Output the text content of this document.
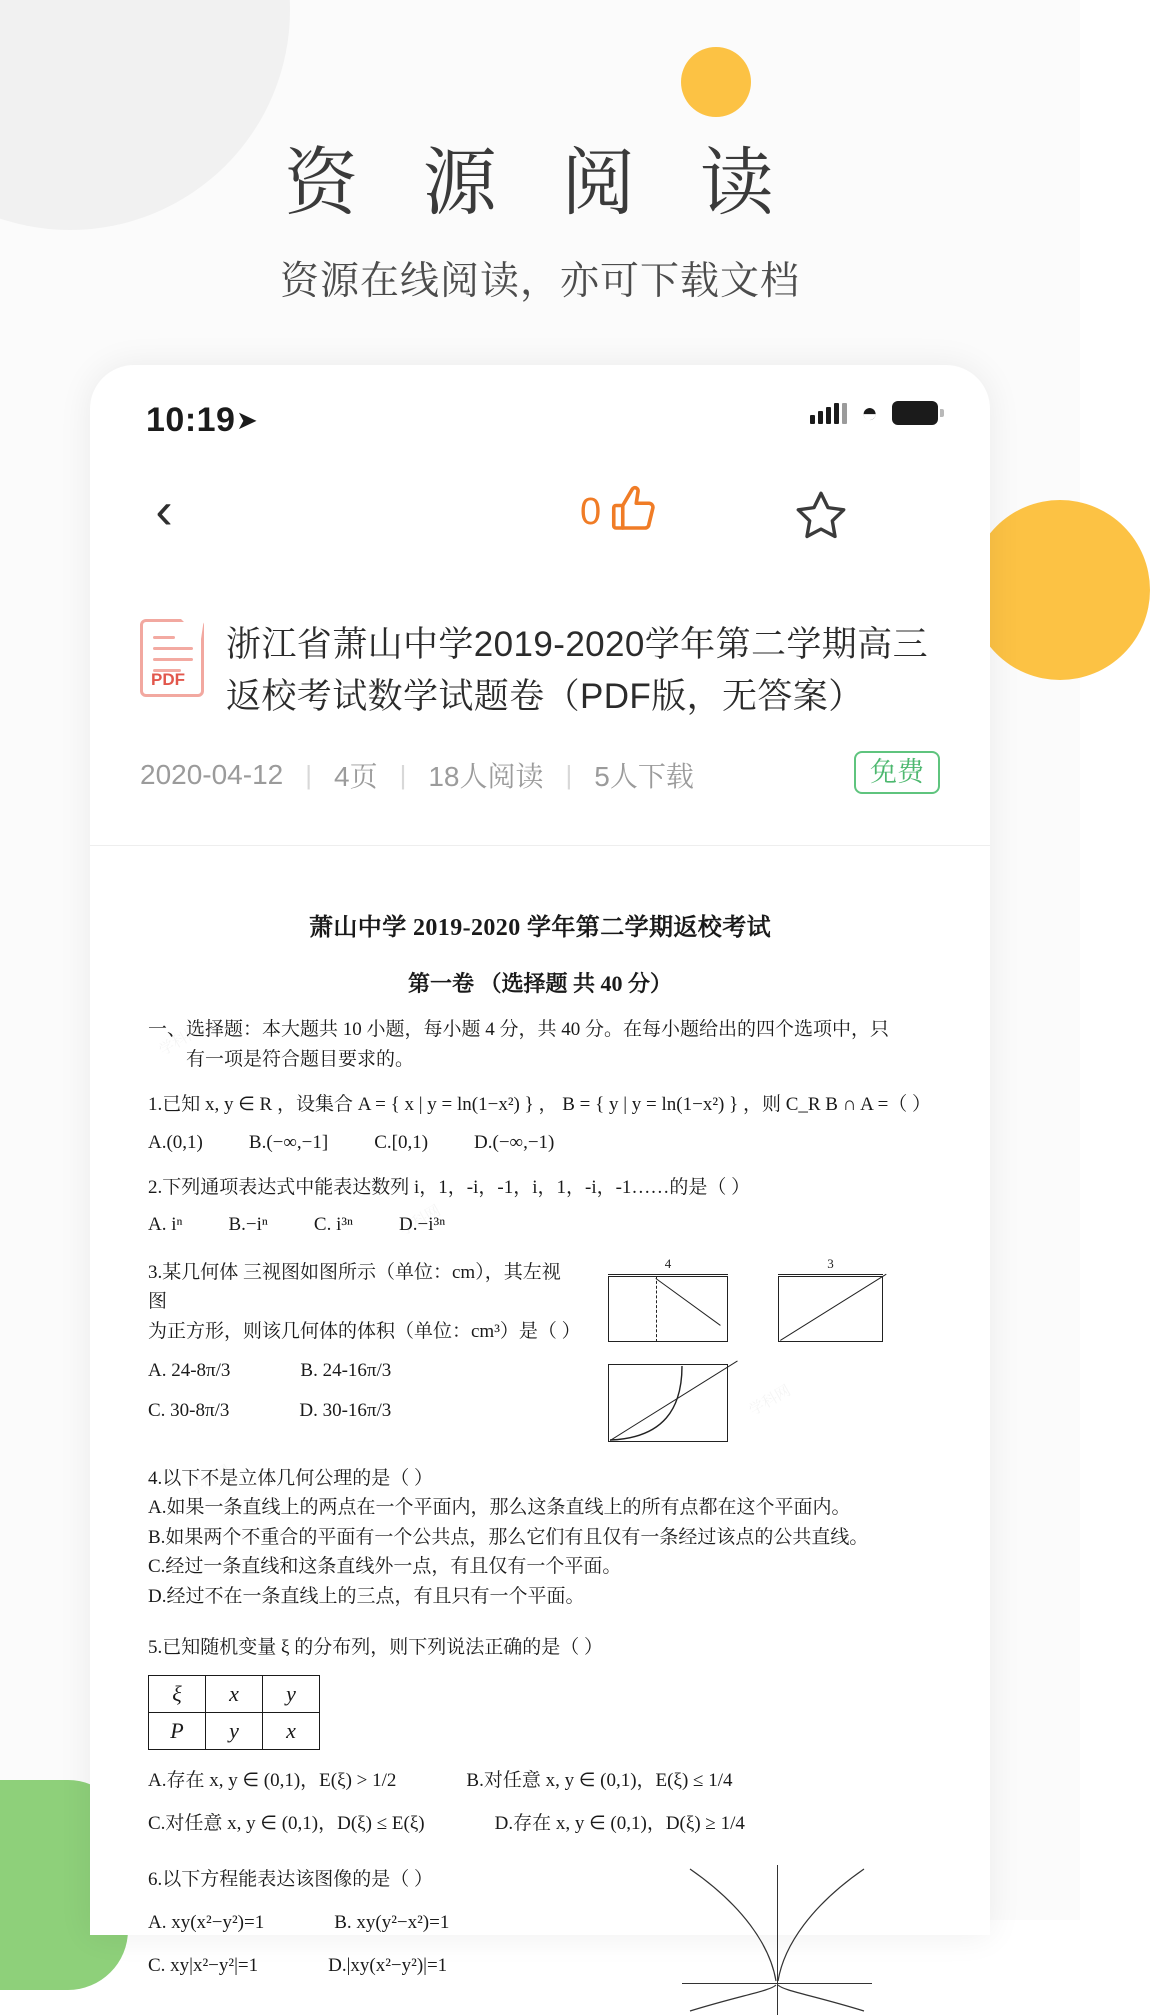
资 源 阅 读
资源在线阅读，亦可下载文档
10:19 ➤	◓
‹	0
PDF
浙江省萧山中学2019-2020学年第二学期高三返校考试数学试题卷（PDF版，无答案）
2020-04-12 | 4页 | 18人阅读 | 5人下载	免费
萧山中学 2019-2020 学年第二学期返校考试
第一卷 （选择题 共 40 分）
一、选择题：本大题共 10 小题，每小题 4 分，共 40 分。在每小题给出的四个选项中，只
有一项是符合题目要求的。
1.已知 x, y ∈ R ，设集合 A = { x | y = ln(1−x²) } ， B = { y | y = ln(1−x²) } ，则 C_R B ∩ A =（ ）
A.(0,1) B.(−∞,−1] C.[0,1) D.(−∞,−1)
2.下列通项表达式中能表达数列 i，1，-i，-1，i，1，-i，-1……的是（ ）
A. iⁿ B.−iⁿ C. i³ⁿ D.−i³ⁿ
3.某几何体 三视图如图所示（单位：cm），其左视图
为正方形，则该几何体的体积（单位：cm³）是（ ）
A. 24-8π/3	B. 24-16π/3
C. 30-8π/3	D. 30-16π/3
4	3
4.以下不是立体几何公理的是（ ）
A.如果一条直线上的两点在一个平面内，那么这条直线上的所有点都在这个平面内。
B.如果两个不重合的平面有一个公共点，那么它们有且仅有一条经过该点的公共直线。
C.经过一条直线和这条直线外一点，有且仅有一个平面。
D.经过不在一条直线上的三点，有且只有一个平面。
5.已知随机变量 ξ 的分布列，则下列说法正确的是（ ）
ξ	x	y
P	y	x
A.存在 x, y ∈ (0,1)，E(ξ) > 1/2	B.对任意 x, y ∈ (0,1)，E(ξ) ≤ 1/4
C.对任意 x, y ∈ (0,1)，D(ξ) ≤ E(ξ)	D.存在 x, y ∈ (0,1)，D(ξ) ≥ 1/4
6.以下方程能表达该图像的是（ ）
A. xy(x²−y²)=1	B. xy(y²−x²)=1
C. xy|x²−y²|=1	D.|xy(x²−y²)|=1
